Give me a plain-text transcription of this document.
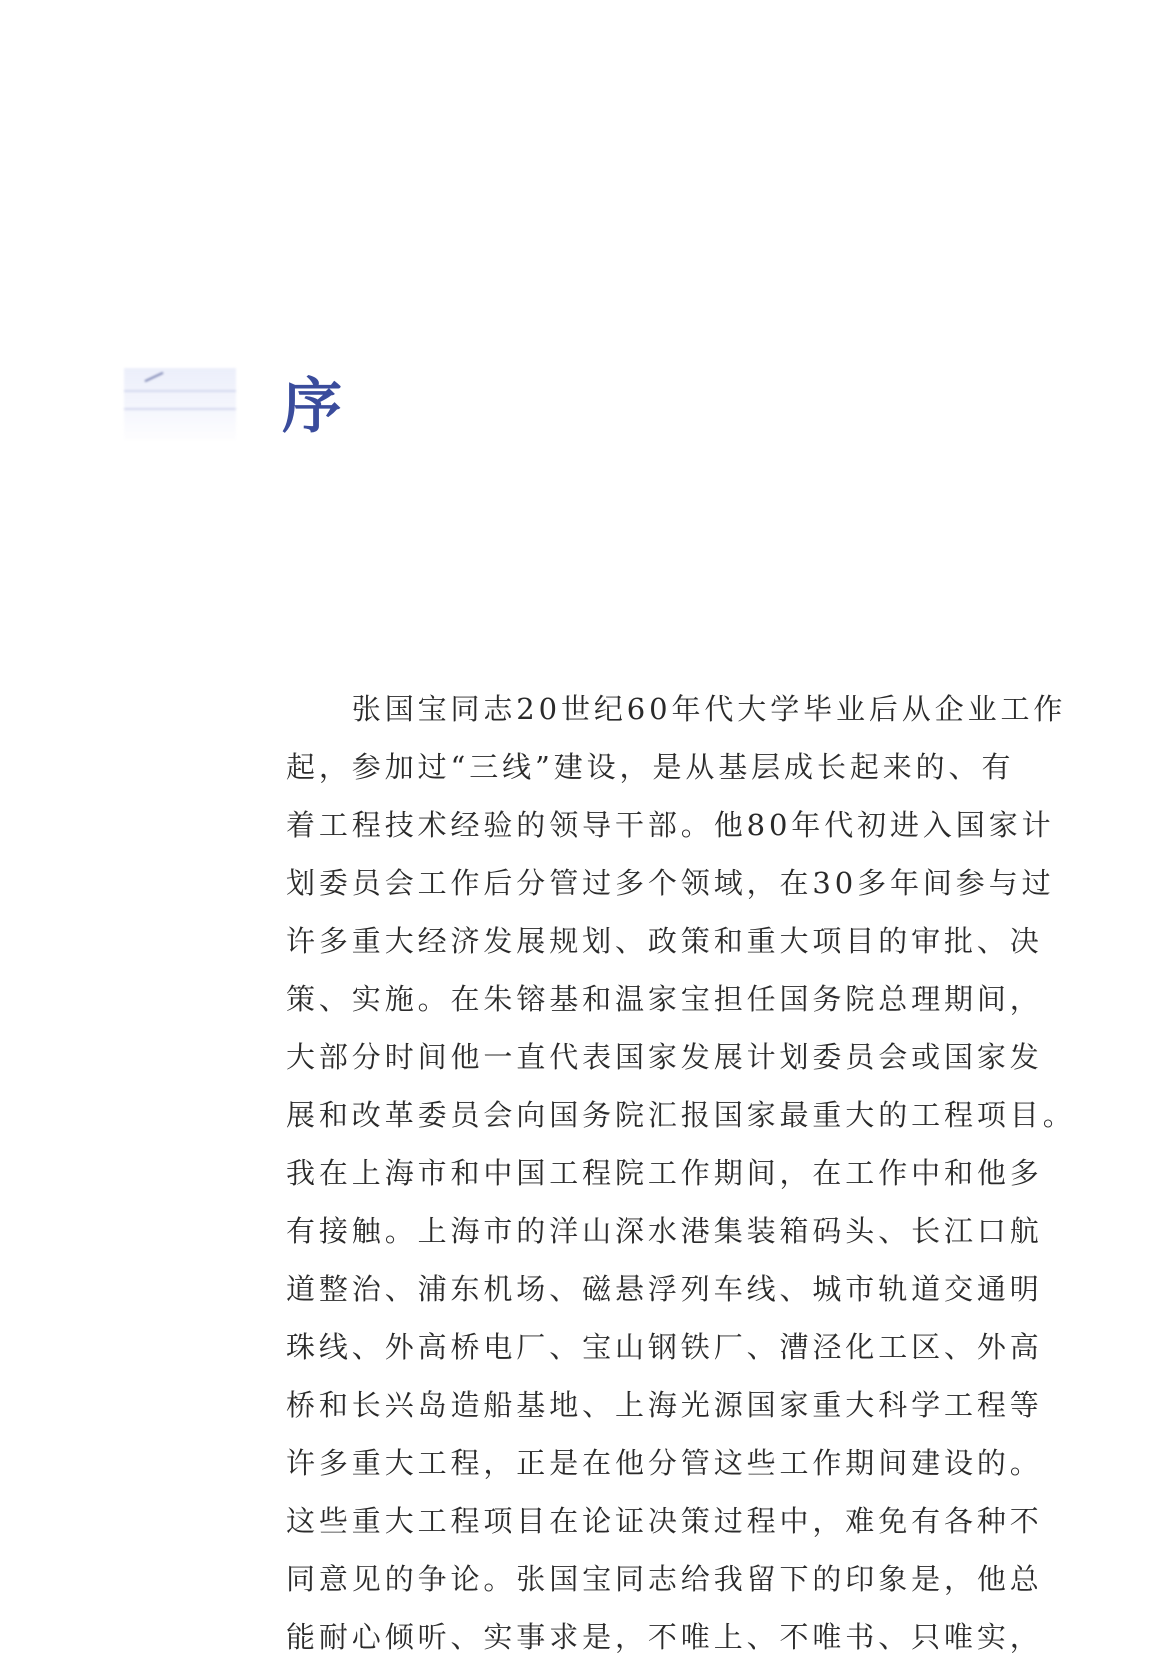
序
　　张国宝同志20世纪60年代大学毕业后从企业工作
起，参加过“三线”建设，是从基层成长起来的、有
着工程技术经验的领导干部。他80年代初进入国家计
划委员会工作后分管过多个领域，在30多年间参与过
许多重大经济发展规划、政策和重大项目的审批、决
策、实施。在朱镕基和温家宝担任国务院总理期间，
大部分时间他一直代表国家发展计划委员会或国家发
展和改革委员会向国务院汇报国家最重大的工程项目。
我在上海市和中国工程院工作期间，在工作中和他多
有接触。上海市的洋山深水港集装箱码头、长江口航
道整治、浦东机场、磁悬浮列车线、城市轨道交通明
珠线、外高桥电厂、宝山钢铁厂、漕泾化工区、外高
桥和长兴岛造船基地、上海光源国家重大科学工程等
许多重大工程，正是在他分管这些工作期间建设的。
这些重大工程项目在论证决策过程中，难免有各种不
同意见的争论。张国宝同志给我留下的印象是，他总
能耐心倾听、实事求是，不唯上、不唯书、只唯实，
